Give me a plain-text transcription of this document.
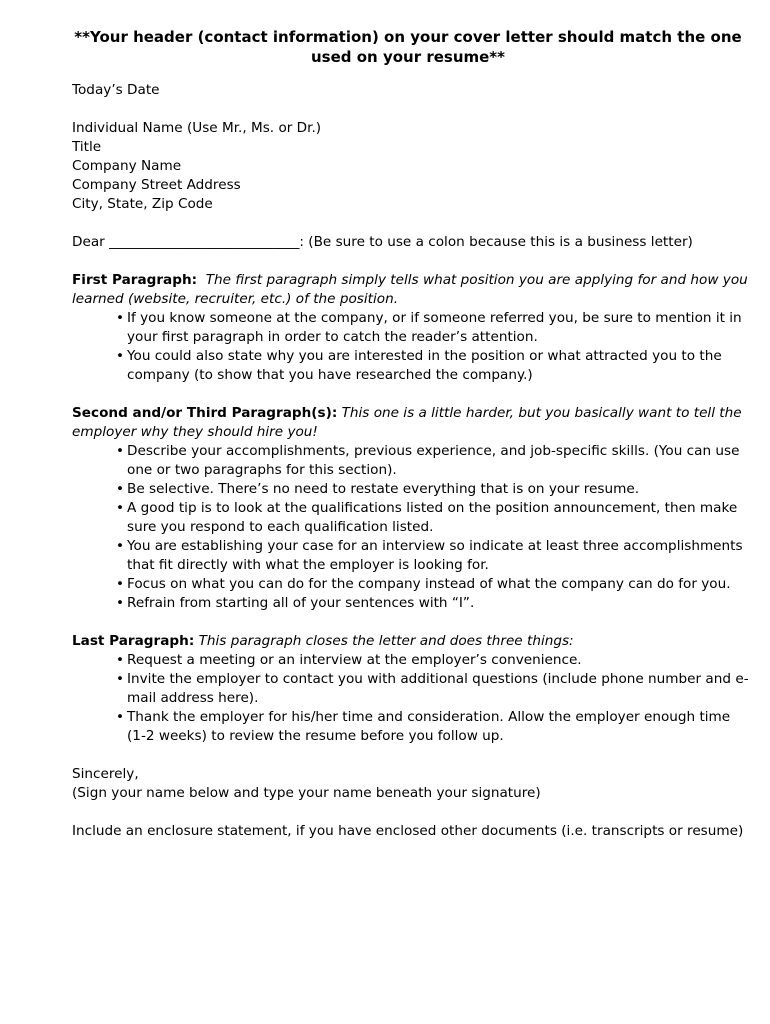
**Your header (contact information) on your cover letter should match the one used on your resume**

Today’s Date

Individual Name (Use Mr., Ms. or Dr.)

Title

Company Name

Company Street Address

City, State, Zip Code

Dear ____________________________: (Be sure to use a colon because this is a business letter)

First Paragraph: The first paragraph simply tells what position you are applying for and how you learned (website, recruiter, etc.) of the position.

• If you know someone at the company, or if someone referred you, be sure to mention it in your first paragraph in order to catch the reader’s attention.
• You could also state why you are interested in the position or what attracted you to the company (to show that you have researched the company.)

Second and/or Third Paragraph(s): This one is a little harder, but you basically want to tell the employer why they should hire you!

• Describe your accomplishments, previous experience, and job-specific skills. (You can use one or two paragraphs for this section).
• Be selective. There’s no need to restate everything that is on your resume.
• A good tip is to look at the qualifications listed on the position announcement, then make sure you respond to each qualification listed.
• You are establishing your case for an interview so indicate at least three accomplishments that fit directly with what the employer is looking for.
• Focus on what you can do for the company instead of what the company can do for you.
• Refrain from starting all of your sentences with “I”.

Last Paragraph: This paragraph closes the letter and does three things:

• Request a meeting or an interview at the employer’s convenience.
• Invite the employer to contact you with additional questions (include phone number and e-mail address here).
• Thank the employer for his/her time and consideration. Allow the employer enough time (1-2 weeks) to review the resume before you follow up.

Sincerely,

(Sign your name below and type your name beneath your signature)

Include an enclosure statement, if you have enclosed other documents (i.e. transcripts or resume)
